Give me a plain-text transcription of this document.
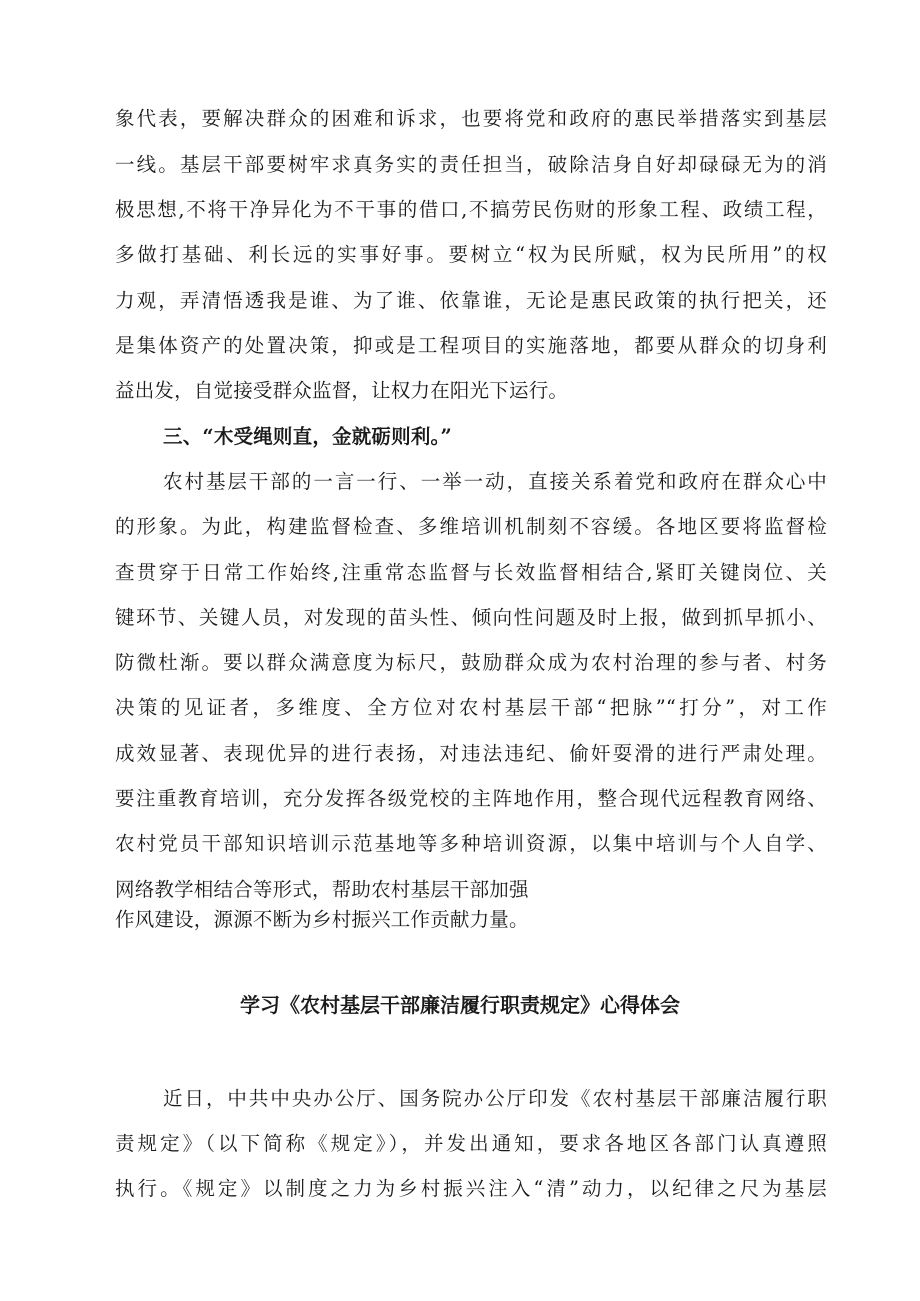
象代表，要解决群众的困难和诉求，也要将党和政府的惠民举措落实到基层
一线。基层干部要树牢求真务实的责任担当，破除洁身自好却碌碌无为的消
极思想,不将干净异化为不干事的借口,不搞劳民伤财的形象工程、政绩工程，
多做打基础、利长远的实事好事。要树立“权为民所赋，权为民所用”的权
力观，弄清悟透我是谁、为了谁、依靠谁，无论是惠民政策的执行把关，还
是集体资产的处置决策，抑或是工程项目的实施落地，都要从群众的切身利
益出发，自觉接受群众监督，让权力在阳光下运行。
三、“木受绳则直，金就砺则利。”
农村基层干部的一言一行、一举一动，直接关系着党和政府在群众心中
的形象。为此，构建监督检查、多维培训机制刻不容缓。各地区要将监督检
查贯穿于日常工作始终,注重常态监督与长效监督相结合,紧盯关键岗位、关
键环节、关键人员，对发现的苗头性、倾向性问题及时上报，做到抓早抓小、
防微杜渐。要以群众满意度为标尺，鼓励群众成为农村治理的参与者、村务
决策的见证者，多维度、全方位对农村基层干部“把脉”“打分”，对工作
成效显著、表现优异的进行表扬，对违法违纪、偷奸耍滑的进行严肃处理。
要注重教育培训，充分发挥各级党校的主阵地作用，整合现代远程教育网络、
农村党员干部知识培训示范基地等多种培训资源，以集中培训与个人自学、
网络教学相结合等形式，帮助农村基层干部加强
作风建设，源源不断为乡村振兴工作贡献力量。
学习《农村基层干部廉洁履行职责规定》心得体会
近日，中共中央办公厅、国务院办公厅印发《农村基层干部廉洁履行职
责规定》（以下简称《规定》），并发出通知，要求各地区各部门认真遵照
执行。《规定》以制度之力为乡村振兴注入“清”动力，以纪律之尺为基层
